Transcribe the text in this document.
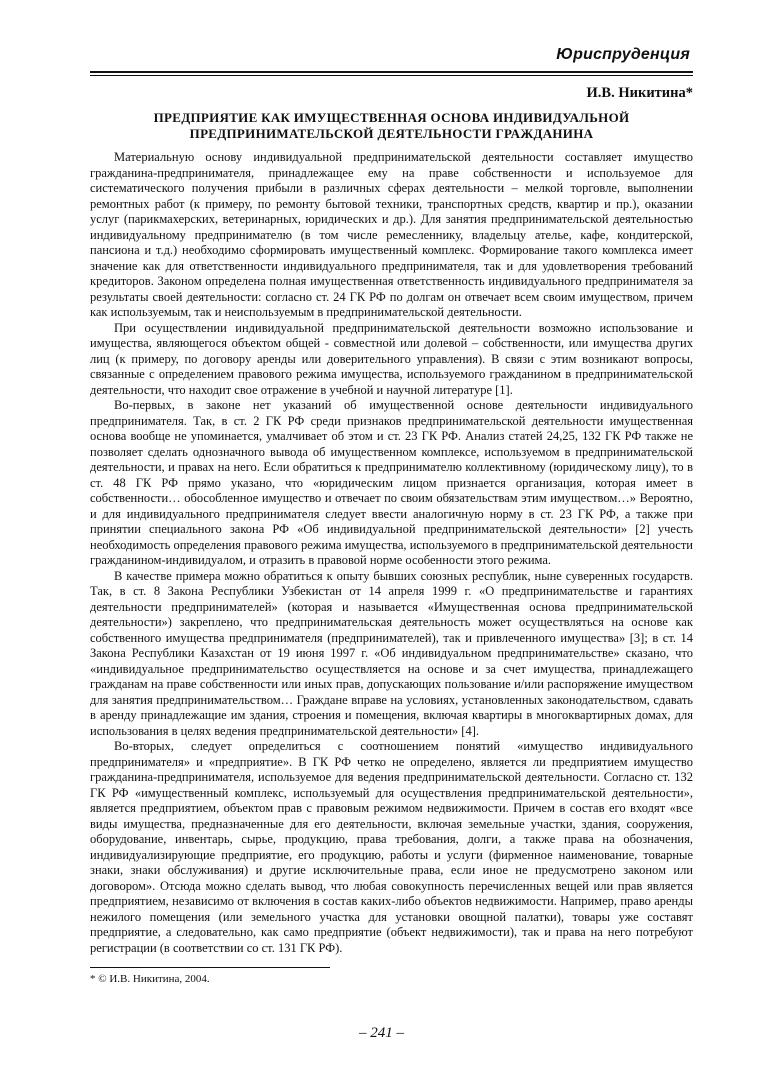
Юриспруденция
И.В. Никитина*
ПРЕДПРИЯТИЕ КАК ИМУЩЕСТВЕННАЯ ОСНОВА ИНДИВИДУАЛЬНОЙ
ПРЕДПРИНИМАТЕЛЬСКОЙ ДЕЯТЕЛЬНОСТИ ГРАЖДАНИНА

Материальную основу индивидуальной предпринимательской деятельности составляет имущество гражданина-предпринимателя, принадлежащее ему на праве собственности и используемое для систематического получения прибыли в различных сферах деятельности – мелкой торговле, выполнении ремонтных работ (к примеру, по ремонту бытовой техники, транспортных средств, квартир и пр.), оказании услуг (парикмахерских, ветеринарных, юридических и др.). Для занятия предпринимательской деятельностью индивидуальному предпринимателю (в том числе ремесленнику, владельцу ателье, кафе, кондитерской, пансиона и т.д.) необходимо сформировать имущественный комплекс. Формирование такого комплекса имеет значение как для ответственности индивидуального предпринимателя, так и для удовлетворения требований кредиторов. Законом определена полная имущественная ответственность индивидуального предпринимателя за результаты своей деятельности: согласно ст. 24 ГК РФ по долгам он отвечает всем своим имуществом, причем как используемым, так и неиспользуемым в предпринимательской деятельности.

При осуществлении индивидуальной предпринимательской деятельности возможно использование и имущества, являющегося объектом общей - совместной или долевой – собственности, или имущества других лиц (к примеру, по договору аренды или доверительного управления). В связи с этим возникают вопросы, связанные с определением правового режима имущества, используемого гражданином в предпринимательской деятельности, что находит свое отражение в учебной и научной литературе [1].

Во-первых, в законе нет указаний об имущественной основе деятельности индивидуального предпринимателя. Так, в ст. 2 ГК РФ среди признаков предпринимательской деятельности имущественная основа вообще не упоминается, умалчивает об этом и ст. 23 ГК РФ. Анализ статей 24,25, 132 ГК РФ также не позволяет сделать однозначного вывода об имущественном комплексе, используемом в предпринимательской деятельности, и правах на него. Если обратиться к предпринимателю коллективному (юридическому лицу), то в ст. 48 ГК РФ прямо указано, что «юридическим лицом признается организация, которая имеет в собственности… обособленное имущество и отвечает по своим обязательствам этим имуществом…» Вероятно, и для индивидуального предпринимателя следует ввести аналогичную норму в ст. 23 ГК РФ, а также при принятии специального закона РФ «Об индивидуальной предпринимательской деятельности» [2] учесть необходимость определения правового режима имущества, используемого в предпринимательской деятельности гражданином-индивидуалом, и отразить в правовой норме особенности этого режима.

В качестве примера можно обратиться к опыту бывших союзных республик, ныне суверенных государств. Так, в ст. 8 Закона Республики Узбекистан от 14 апреля 1999 г. «О предпринимательстве и гарантиях деятельности предпринимателей» (которая и называется «Имущественная основа предпринимательской деятельности») закреплено, что предпринимательская деятельность может осуществляться на основе как собственного имущества предпринимателя (предпринимателей), так и привлеченного имущества» [3]; в ст. 14 Закона Республики Казахстан от 19 июня 1997 г. «Об индивидуальном предпринимательстве» сказано, что «индивидуальное предпринимательство осуществляется на основе и за счет имущества, принадлежащего гражданам на праве собственности или иных прав, допускающих пользование и/или распоряжение имуществом для занятия предпринимательством… Граждане вправе на условиях, установленных законодательством, сдавать в аренду принадлежащие им здания, строения и помещения, включая квартиры в многоквартирных домах, для использования в целях ведения предпринимательской деятельности» [4].

Во-вторых, следует определиться с соотношением понятий «имущество индивидуального предпринимателя» и «предприятие». В ГК РФ четко не определено, является ли предприятием имущество гражданина-предпринимателя, используемое для ведения предпринимательской деятельности. Согласно ст. 132 ГК РФ «имущественный комплекс, используемый для осуществления предпринимательской деятельности», является предприятием, объектом прав с правовым режимом недвижимости. Причем в состав его входят «все виды имущества, предназначенные для его деятельности, включая земельные участки, здания, сооружения, оборудование, инвентарь, сырье, продукцию, права требования, долги, а также права на обозначения, индивидуализирующие предприятие, его продукцию, работы и услуги (фирменное наименование, товарные знаки, знаки обслуживания) и другие исключительные права, если иное не предусмотрено законом или договором». Отсюда можно сделать вывод, что любая совокупность перечисленных вещей или прав является предприятием, независимо от включения в состав каких-либо объектов недвижимости. Например, право аренды нежилого помещения (или земельного участка для установки овощной палатки), товары уже составят предприятие, а следовательно, как само предприятие (объект недвижимости), так и права на него потребуют регистрации (в соответствии со ст. 131 ГК РФ).

* © И.В. Никитина, 2004.
– 241 –
